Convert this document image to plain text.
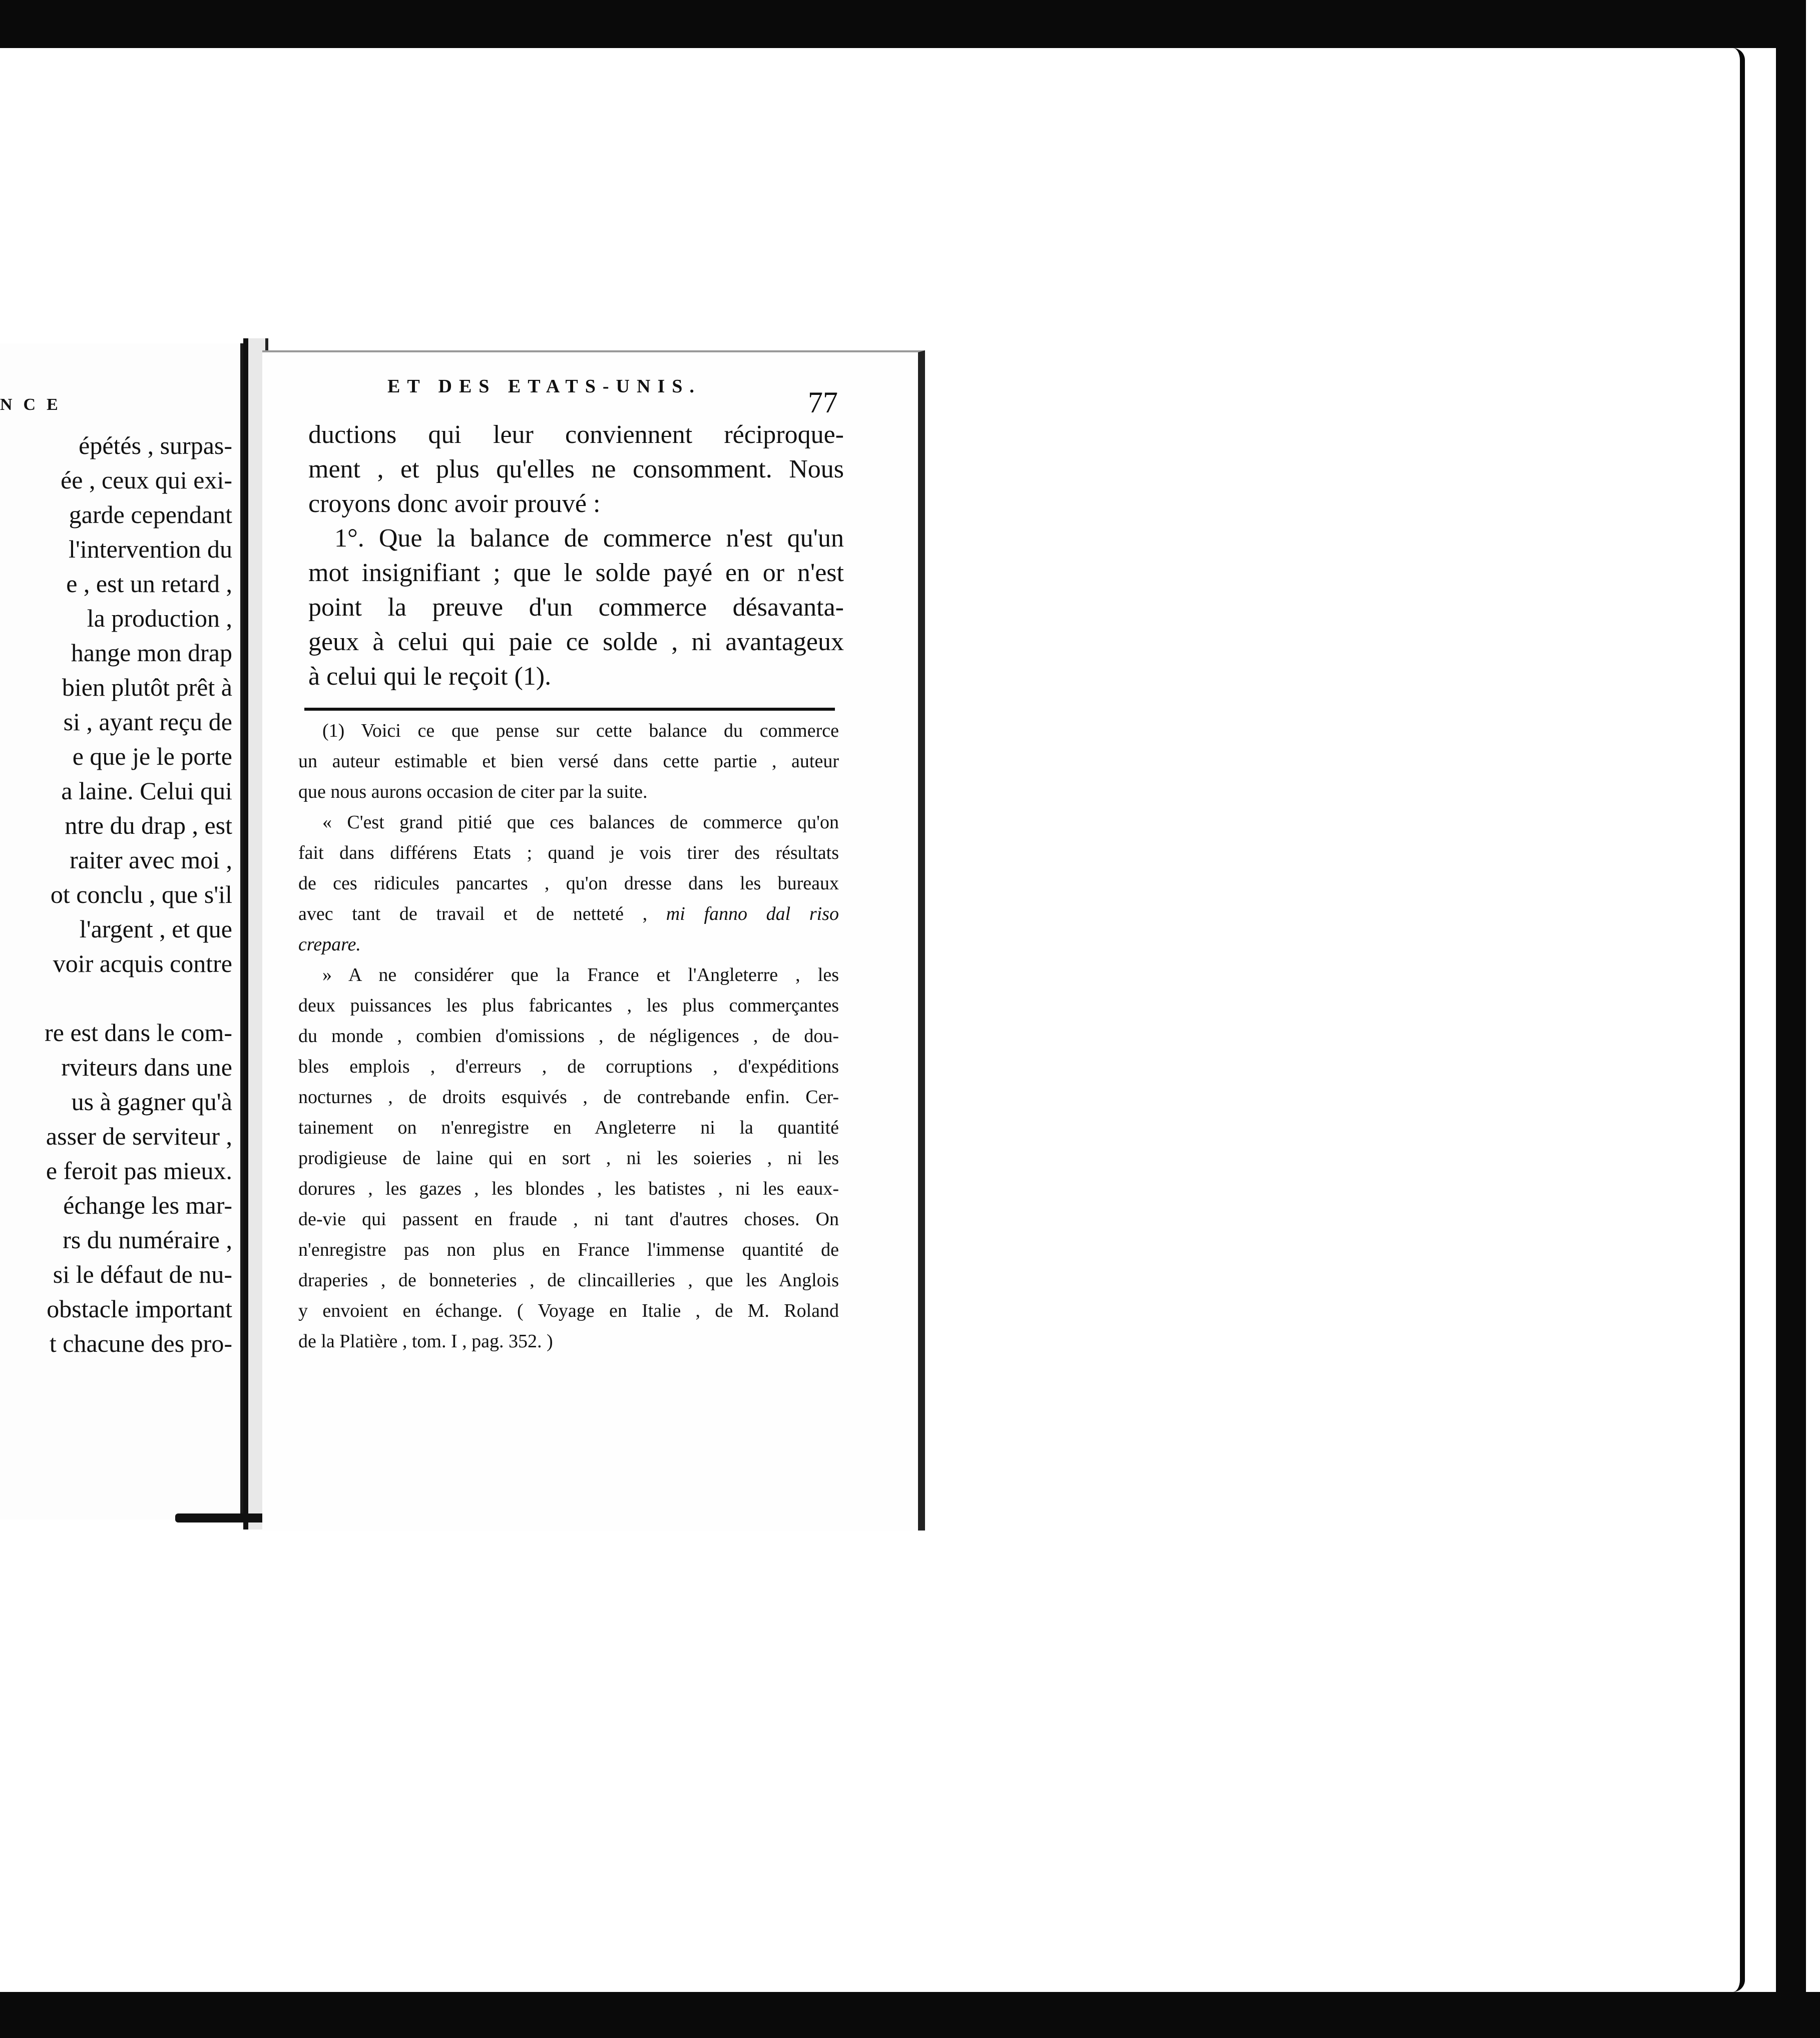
NCE
épétés , surpas-
ée , ceux qui exi-
garde cependant
l'intervention du
e , est un retard ,
la production ,
hange mon drap
bien plutôt prêt à
si , ayant reçu de
e que je le porte
a laine. Celui qui
ntre du drap , est
raiter avec moi ,
ot conclu , que s'il
l'argent , et que
voir acquis contre
re est dans le com-
rviteurs dans une
us à gagner qu'à
asser de serviteur ,
e feroit pas mieux.
échange les mar-
rs du numéraire ,
si le défaut de nu-
obstacle important
t chacune des pro-
ET DES ETATS-UNIS.	77
ductions qui leur conviennent réciproque-
ment , et plus qu'elles ne consomment. Nous
croyons donc avoir prouvé :
1°. Que la balance de commerce n'est qu'un
mot insignifiant ; que le solde payé en or n'est
point la preuve d'un commerce désavanta-
geux à celui qui paie ce solde , ni avantageux
à celui qui le reçoit (1).
(1) Voici ce que pense sur cette balance du commerce
un auteur estimable et bien versé dans cette partie , auteur
que nous aurons occasion de citer par la suite.
« C'est grand pitié que ces balances de commerce qu'on
fait dans différens Etats ; quand je vois tirer des résultats
de ces ridicules pancartes , qu'on dresse dans les bureaux
avec tant de travail et de netteté , mi fanno dal riso
crepare.
» A ne considérer que la France et l'Angleterre , les
deux puissances les plus fabricantes , les plus commerçantes
du monde , combien d'omissions , de négligences , de dou-
bles emplois , d'erreurs , de corruptions , d'expéditions
nocturnes , de droits esquivés , de contrebande enfin. Cer-
tainement on n'enregistre en Angleterre ni la quantité
prodigieuse de laine qui en sort , ni les soieries , ni les
dorures , les gazes , les blondes , les batistes , ni les eaux-
de-vie qui passent en fraude , ni tant d'autres choses. On
n'enregistre pas non plus en France l'immense quantité de
draperies , de bonneteries , de clincailleries , que les Anglois
y envoient en échange. ( Voyage en Italie , de M. Roland
de la Platière , tom. I , pag. 352. )
